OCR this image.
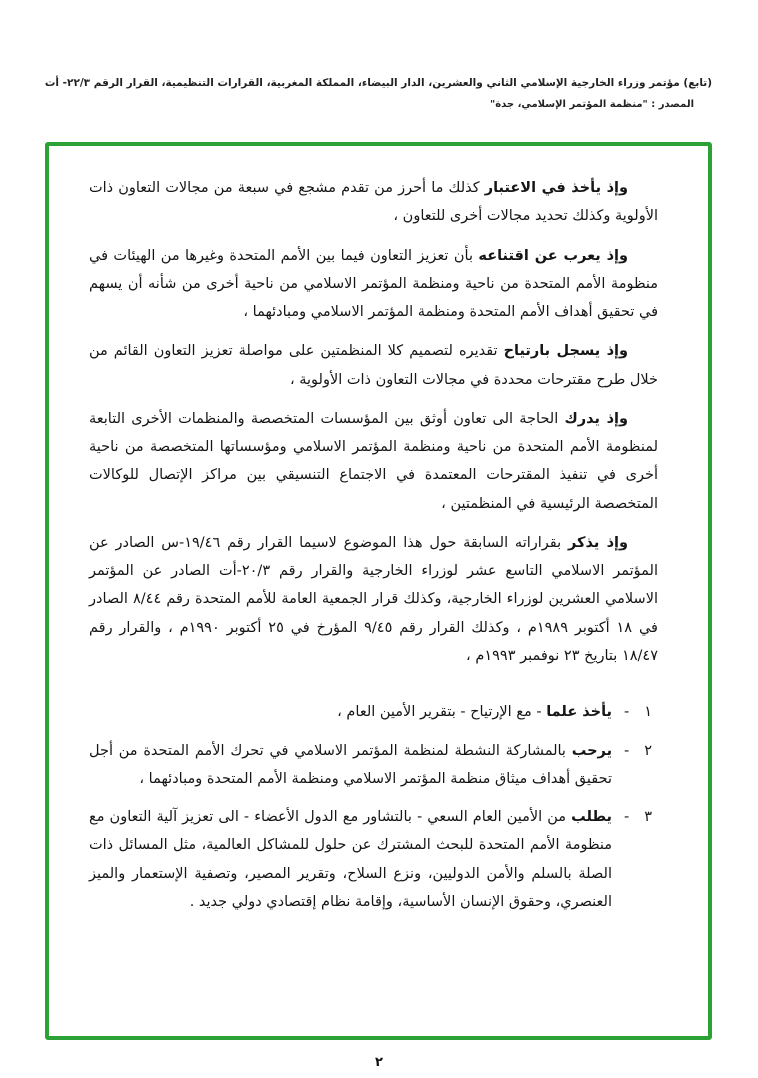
(تابع) مؤتمر وزراء الخارجية الإسلامي الثاني والعشرين، الدار البيضاء، المملكة المغربية، القرارات التنظيمية، القرار الرقم ٢٢/٣- أت
المصدر : "منظمة المؤتمر الإسلامي، جدة"

وإذ يأخذ في الاعتبار كذلك ما أحرز من تقدم مشجع في سبعة من مجالات التعاون ذات الأولوية وكذلك تحديد مجالات أخرى للتعاون ،

وإذ يعرب عن اقتناعه بأن تعزيز التعاون فيما بين الأمم المتحدة وغيرها من الهيئات في منظومة الأمم المتحدة من ناحية ومنظمة المؤتمر الاسلامي من ناحية أخرى من شأنه أن يسهم في تحقيق أهداف الأمم المتحدة ومنظمة المؤتمر الاسلامي ومبادئهما ،

وإذ يسجل بارتياح تقديره لتصميم كلا المنظمتين على مواصلة تعزيز التعاون القائم من خلال طرح مقترحات محددة في مجالات التعاون ذات الأولوية ،

وإذ يدرك الحاجة الى تعاون أوثق بين المؤسسات المتخصصة والمنظمات الأخرى التابعة لمنظومة الأمم المتحدة من ناحية ومنظمة المؤتمر الاسلامي ومؤسساتها المتخصصة من ناحية أخرى في تنفيذ المقترحات المعتمدة في الاجتماع التنسيقي بين مراكز الإتصال للوكالات المتخصصة الرئيسية في المنظمتين ،

وإذ يذكر بقراراته السابقة حول هذا الموضوع لاسيما القرار رقم ١٩/٤٦-س الصادر عن المؤتمر الاسلامي التاسع عشر لوزراء الخارجية والقرار رقم ٢٠/٣-أت الصادر عن المؤتمر الاسلامي العشرين لوزراء الخارجية، وكذلك قرار الجمعية العامة للأمم المتحدة رقم ٨/٤٤ الصادر في ١٨ أكتوبر ١٩٨٩م ، وكذلك القرار رقم ٩/٤٥ المؤرخ في ٢٥ أكتوبر ١٩٩٠م ، والقرار رقم ١٨/٤٧ بتاريخ ٢٣ نوفمبر ١٩٩٣م ،

١
-
يأخذ علما - مع الإرتياح - بتقرير الأمين العام ،
٢
-
يرحب بالمشاركة النشطة لمنظمة المؤتمر الاسلامي في تحرك الأمم المتحدة من أجل تحقيق أهداف ميثاق منظمة المؤتمر الاسلامي ومنظمة الأمم المتحدة ومبادئهما ،
٣
-
يطلب من الأمين العام السعي - بالتشاور مع الدول الأعضاء - الى تعزيز آلية التعاون مع منظومة الأمم المتحدة للبحث المشترك عن حلول للمشاكل العالمية، مثل المسائل ذات الصلة بالسلم والأمن الدوليين، ونزع السلاح، وتقرير المصير، وتصفية الإستعمار والميز العنصري، وحقوق الإنسان الأساسية، وإقامة نظام إقتصادي دولي جديد .
٢
